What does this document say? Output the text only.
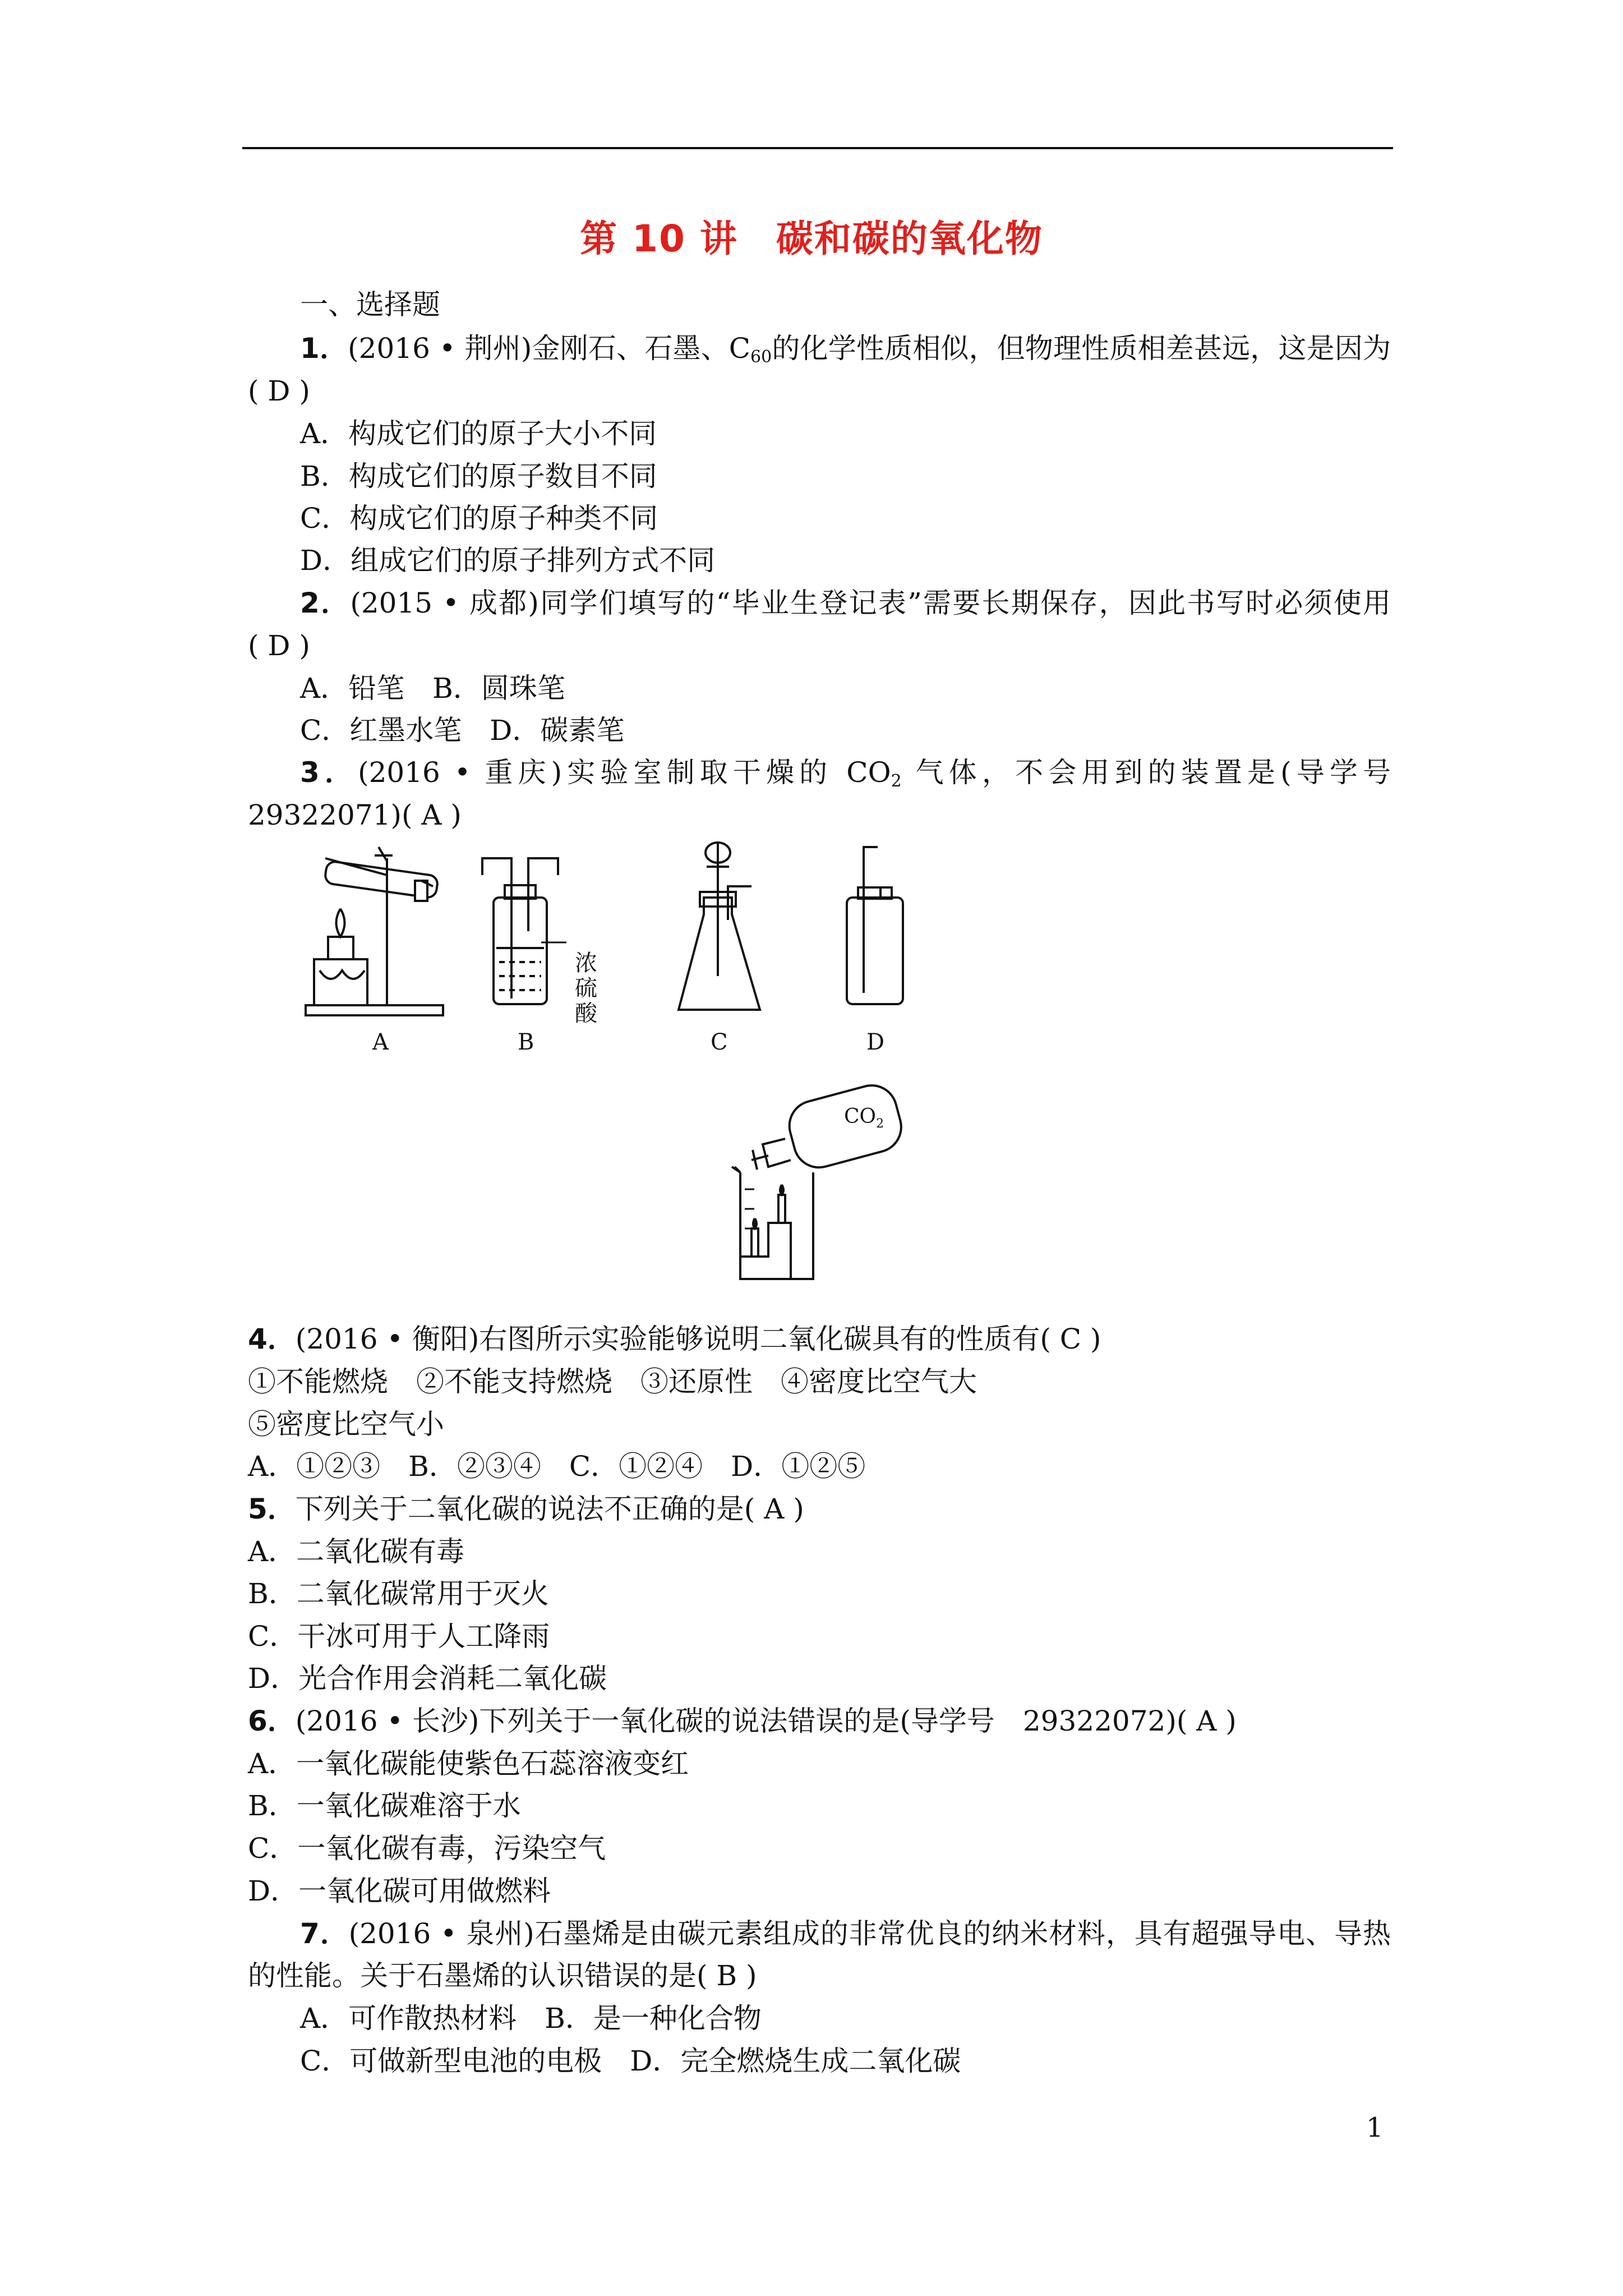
第 10 讲　碳和碳的氧化物
一、选择题
1．(2016 • 荆州)金刚石、石墨、$C_{60}$的化学性质相似，但物理性质相差甚远，这是因为
( D )
A．构成它们的原子大小不同
B．构成它们的原子数目不同
C．构成它们的原子种类不同
D．组成它们的原子排列方式不同
2．(2015 • 成都)同学们填写的“毕业生登记表”需要长期保存，因此书写时必须使用
( D )
A．铅笔　B．圆珠笔
C．红墨水笔　D．碳素笔
3．(2016 • 重庆)实验室制取干燥的 $CO_2$ 气体，不会用到的装置是(导学号
29322071)( A )
A	B	C	D
浓
硫
酸
$CO_2$
4．(2016 • 衡阳)右图所示实验能够说明二氧化碳具有的性质有( C )
①不能燃烧　②不能支持燃烧　③还原性　④密度比空气大
⑤密度比空气小
A．①②③　B．②③④　C．①②④　D．①②⑤
5．下列关于二氧化碳的说法不正确的是( A )
A．二氧化碳有毒
B．二氧化碳常用于灭火
C．干冰可用于人工降雨
D．光合作用会消耗二氧化碳
6．(2016 • 长沙)下列关于一氧化碳的说法错误的是(导学号　29322072)( A )
A．一氧化碳能使紫色石蕊溶液变红
B．一氧化碳难溶于水
C．一氧化碳有毒，污染空气
D．一氧化碳可用做燃料
7．(2016 • 泉州)石墨烯是由碳元素组成的非常优良的纳米材料，具有超强导电、导热
的性能。关于石墨烯的认识错误的是( B )
A．可作散热材料　B．是一种化合物
C．可做新型电池的电极　D．完全燃烧生成二氧化碳
1
